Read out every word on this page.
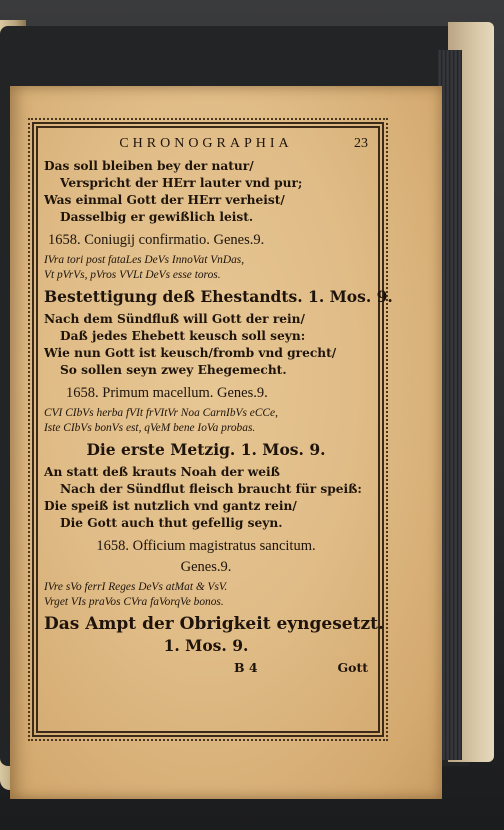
CHRONOGRAPHIA	23
Das soll bleiben bey der natur/
Verspricht der HErr lauter vnd pur;
Was einmal Gott der HErr verheist/
Dasselbig er gewißlich leist.
1658. Coniugij confirmatio. Genes.9.
IVra tori post fataLes DeVs InnoVat VnDas,
Vt pVrVs, pVros VVLt DeVs esse toros.
Bestettigung deß Ehestandts. 1. Mos. 9.
Nach dem Sündfluß will Gott der rein/
Daß jedes Ehebett keusch soll seyn:
Wie nun Gott ist keusch/fromb vnd grecht/
So sollen seyn zwey Ehegemecht.
1658. Primum macellum. Genes.9.
CVI CIbVs herba fVIt frVItVr Noa CarnIbVs eCCe,
Iste CIbVs bonVs est, qVeM bene IoVa probas.
Die erste Metzig. 1. Mos. 9.
An statt deß krauts Noah der weiß
Nach der Sündflut fleisch braucht für speiß:
Die speiß ist nutzlich vnd gantz rein/
Die Gott auch thut gefellig seyn.
1658. Officium magistratus sancitum.
Genes.9.
IVre sVo ferrI Reges DeVs atMat & VsV.
Vrget VIs praVos CVra faVorqVe bonos.
Das Ampt der Obrigkeit eyngesetzt.
1. Mos. 9.
B 4	Gott
